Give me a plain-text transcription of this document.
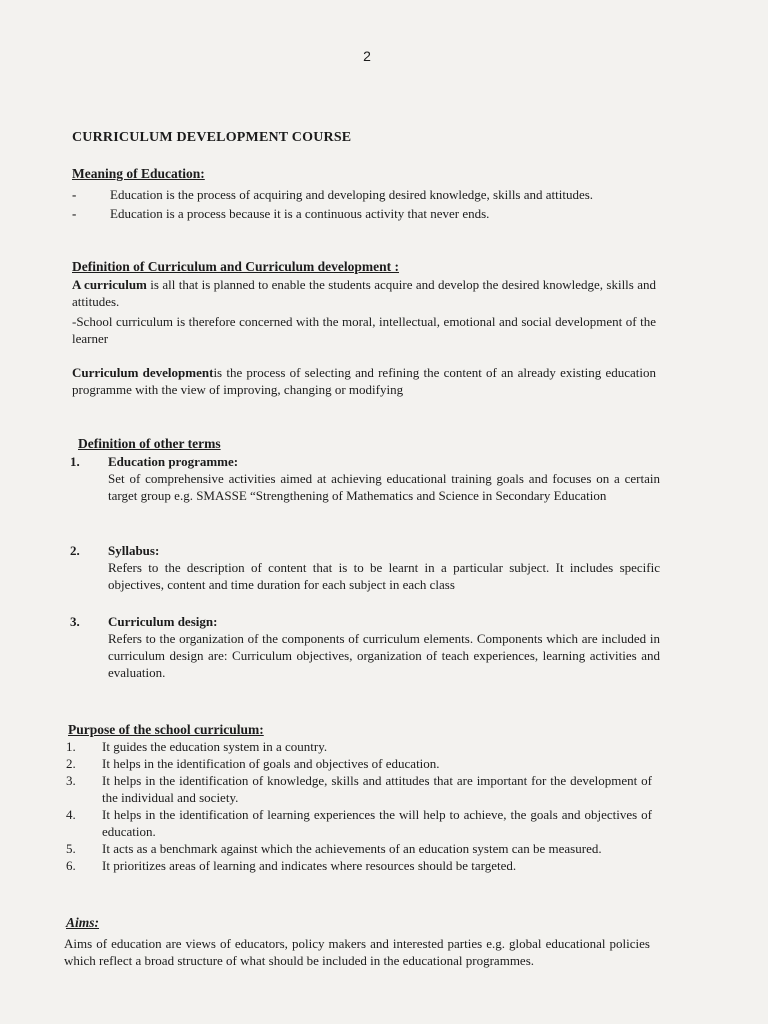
2
CURRICULUM DEVELOPMENT COURSE
Meaning of Education:
-	Education is the process of acquiring and developing desired knowledge, skills and attitudes.
-	Education is a process because it is a continuous activity that never ends.
Definition of Curriculum and Curriculum development :
A curriculum is all that is planned to enable the students acquire and develop the desired knowledge, skills and attitudes.
-School curriculum is therefore concerned with the moral, intellectual, emotional and social development of the learner
Curriculum developmentis the process of selecting and refining the content of an already existing education programme with the view of improving, changing or modifying
Definition of other terms
1.	Education programme:
Set of comprehensive activities aimed at achieving educational training goals and focuses on a certain target group e.g. SMASSE “Strengthening of Mathematics and Science in Secondary Education
2.	Syllabus:
Refers to the description of content that is to be learnt in a particular subject. It includes specific objectives, content and time duration for each subject in each class
3.	Curriculum design:
Refers to the organization of the components of curriculum elements. Components which are included in curriculum design are: Curriculum objectives, organization of teach experiences, learning activities and evaluation.
Purpose of the school curriculum:
1.	It guides the education system in a country.
2.	It helps in the identification of goals and objectives of education.
3.	It helps in the identification of knowledge, skills and attitudes that are important for the development of the individual and society.
4.	It helps in the identification of learning experiences the will help to achieve, the goals and objectives of education.
5.	It acts as a benchmark against which the achievements of an education system can be measured.
6.	It prioritizes areas of learning and indicates where resources should be targeted.
Aims:
Aims of education are views of educators, policy makers and interested parties e.g. global educational policies which reflect a broad structure of what should be included in the educational programmes.
